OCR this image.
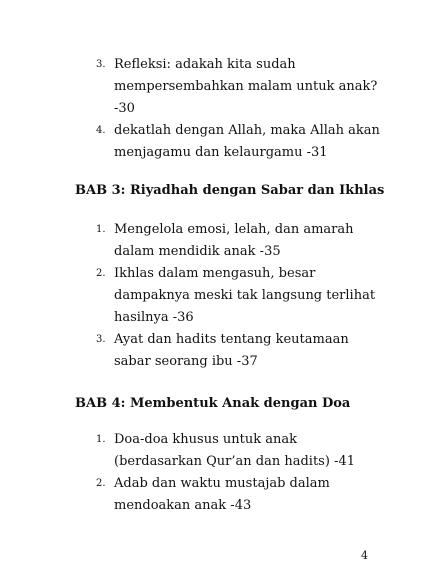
3. Refleksi: adakah kita sudah mempersembahkan malam untuk anak? -30
4. dekatlah dengan Allah, maka Allah akan menjagamu dan kelaurgamu -31
BAB 3: Riyadhah dengan Sabar dan Ikhlas
1. Mengelola emosi, lelah, dan amarah dalam mendidik anak -35
2. Ikhlas dalam mengasuh, besar dampaknya meski tak langsung terlihat hasilnya -36
3. Ayat dan hadits tentang keutamaan sabar seorang ibu -37
BAB 4: Membentuk Anak dengan Doa
1. Doa-doa khusus untuk anak (berdasarkan Qur’an dan hadits) -41
2. Adab dan waktu mustajab dalam mendoakan anak -43
4
